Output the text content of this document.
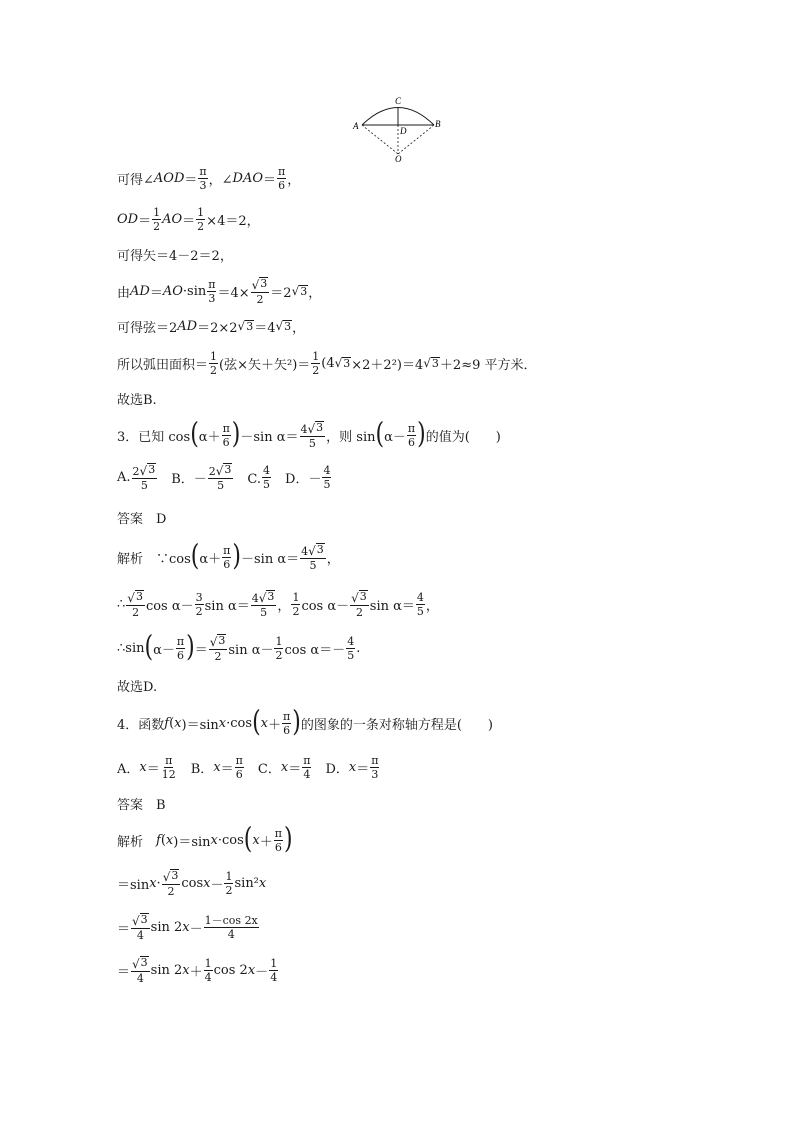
C
A	B
D
O
可得∠ AOD ＝ $\frac{\pi}{3}$ ，∠ DAO ＝ $\frac{\pi}{6}$ ，
OD ＝ $\frac{1}{2}$ AO ＝ $\frac{1}{2} \times 4=2$，
可得矢＝4－2＝2，
由 AD ＝ AO $\cdot\sin \frac{\pi}{3} =4\times \frac{√ 3}{2} =2$ √ 3 ，
可得弦＝2 AD ＝2×2 √ 3 ＝4 √ 3 ，
所以弧田面积＝ $\frac{1}{2}$ (弦×矢＋矢$^2)= \frac{1}{2} (4$ √ 3 ×2＋2²)＝4 √ 3 ＋2≈9 平方米．
故选B.
3．已知 cos ( $\alpha+ \frac{\pi}{6}$ ) －sin $\alpha= \frac{4 √ 3}{5}$ ，则 sin ( $\alpha- \frac{\pi}{6}$ ) 的值为(　　)
A. $\frac{2 √ 3}{5}$ 　B．－ $\frac{2 √ 3}{5}$ 　C. $\frac{4}{5}$ 　D．－ $\frac{4}{5}$
答案　D
解析　∵cos ( $\alpha+ \frac{\pi}{6}$ ) －sin $\alpha= \frac{4 √ 3}{5}$ ，
∴ $\frac{√ 3}{2}$ $\cos \alpha- \frac{3}{2}$ $\sin \alpha= \frac{4 √ 3}{5}$ ， $\frac{1}{2}$ $\cos \alpha- \frac{√ 3}{2}$ $\sin \alpha= \frac{4}{5}$ ，
∴sin ( $\alpha- \frac{\pi}{6}$ ) ＝ $\frac{√ 3}{2}$ $\sin \alpha- \frac{1}{2}$ $\cos \alpha=- \frac{4}{5}$ .
故选D.
4．函数 f ( x )＝sin x ·cos ( $x + \frac{\pi}{6}$ ) 的图象的一条对称轴方程是(　　)
A． $x = \frac{\pi}{12}$ 　B． $x = \frac{\pi}{6}$ 　C． $x = \frac{\pi}{4}$ 　D． $x = \frac{\pi}{3}$
答案　B
解析　 f ( x )＝sin x ·cos ( $x + \frac{\pi}{6}$ )
＝sin $x \cdot \frac{√ 3}{2}$ $\cos x - \frac{1}{2} \sin^2$ x
＝ $\frac{√ 3}{4}$ sin 2 $x - \frac{1-\cos 2x}{4}$
＝ $\frac{√ 3}{4}$ sin 2 $x + \frac{1}{4}$ cos 2 $x - \frac{1}{4}$
